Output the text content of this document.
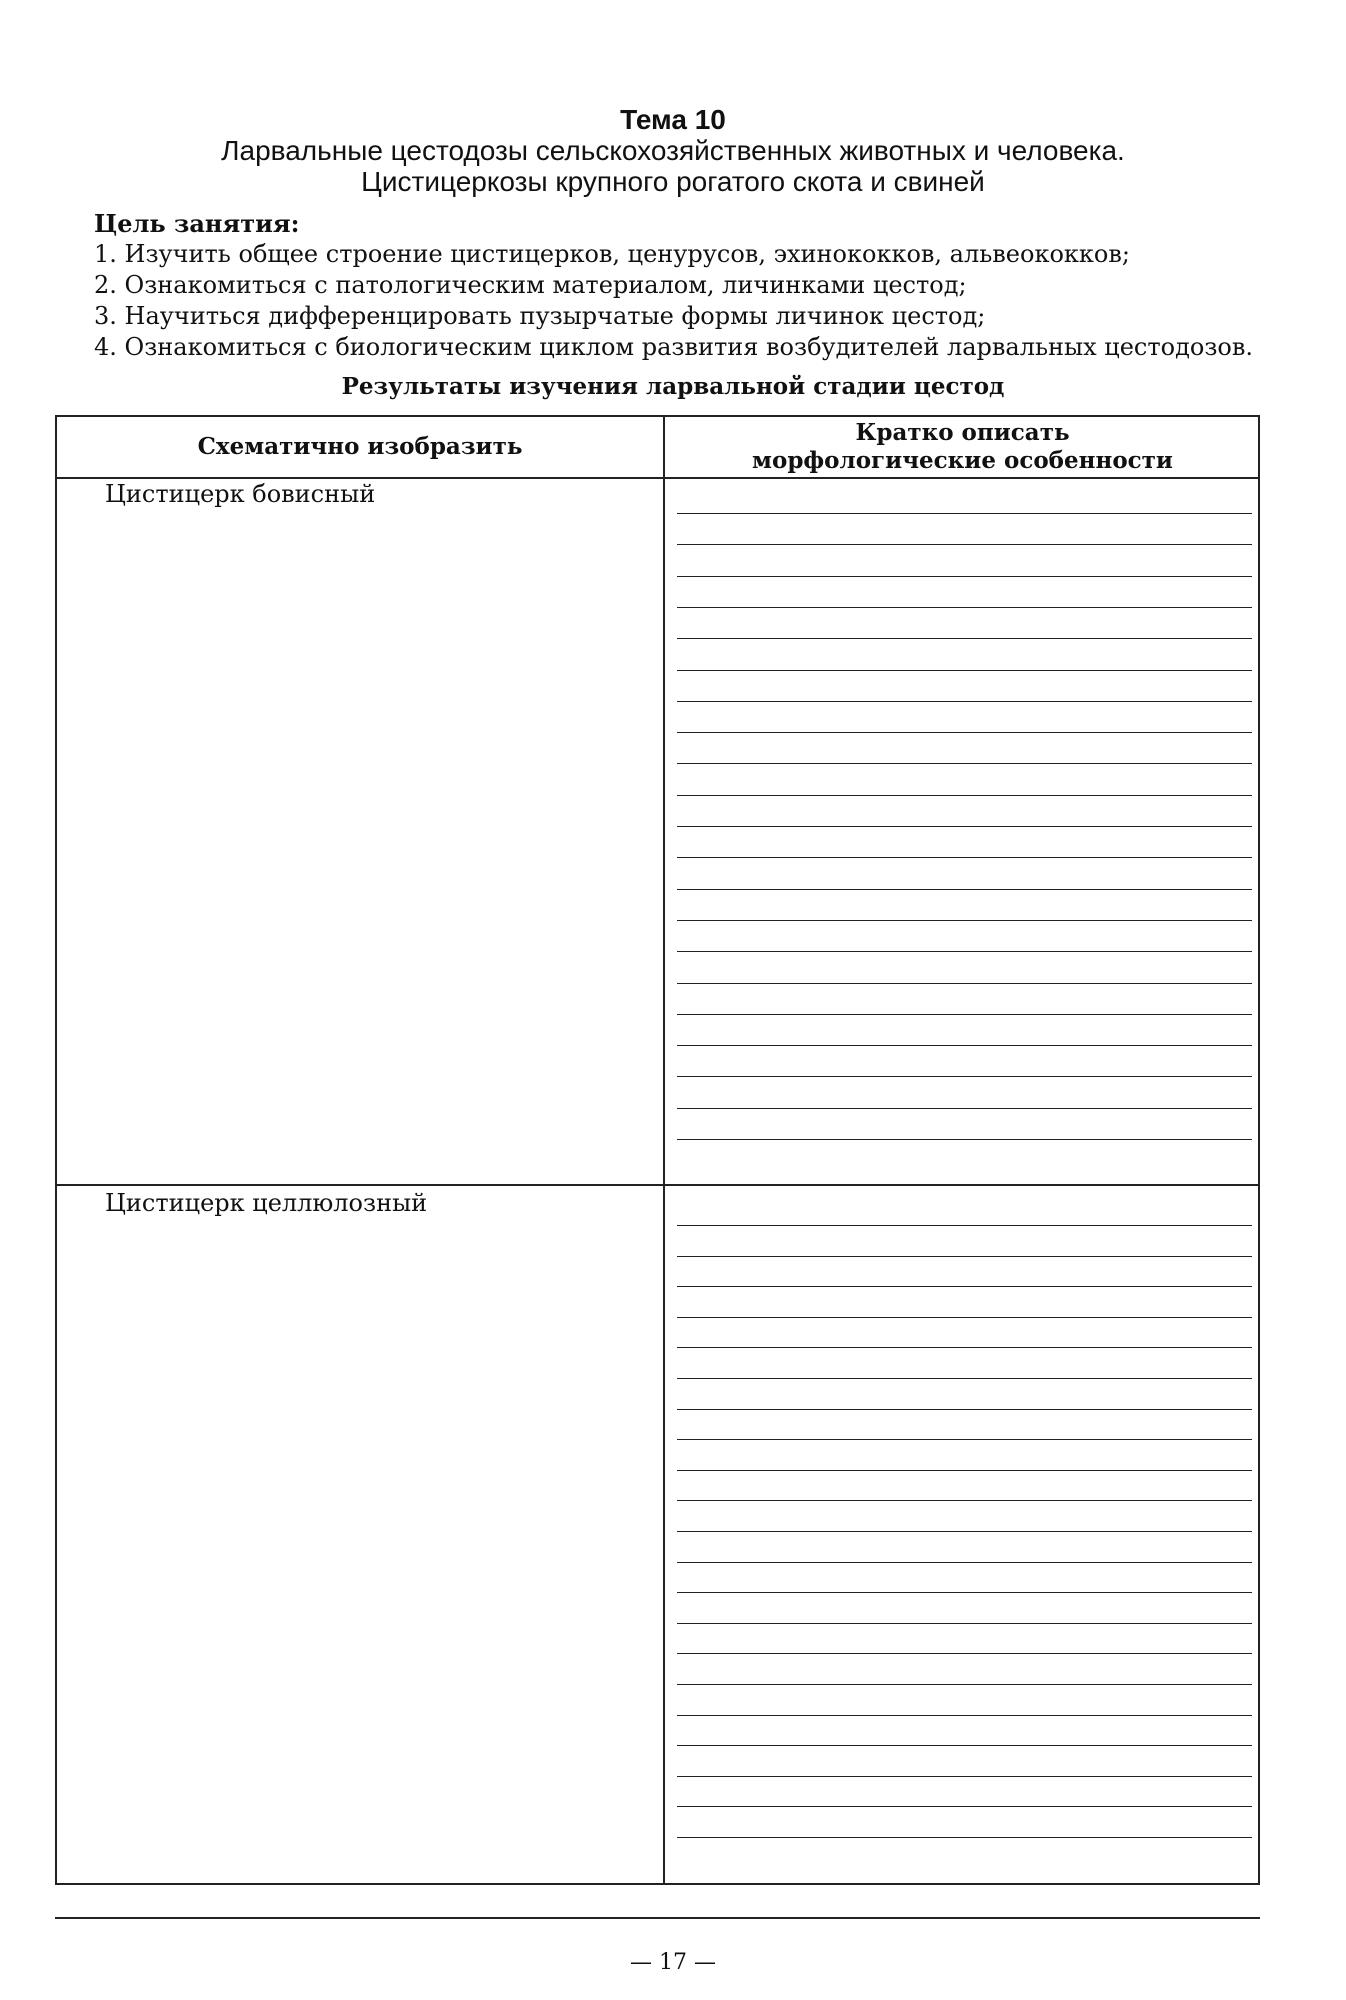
Тема 10
Ларвальные цестодозы сельскохозяйственных животных и человека.
Цистицеркозы крупного рогатого скота и свиней
Цель занятия:
1. Изучить общее строение цистицерков, ценурусов, эхинококков, альвеококков;
2. Ознакомиться с патологическим материалом, личинками цестод;
3. Научиться дифференцировать пузырчатые формы личинок цестод;
4. Ознакомиться с биологическим циклом развития возбудителей ларвальных цестодозов.
Результаты изучения ларвальной стадии цестод
Схематично изобразить
Кратко описать
морфологические особенности
Цистицерк бовисный
Цистицерк целлюлозный
— 17 —
